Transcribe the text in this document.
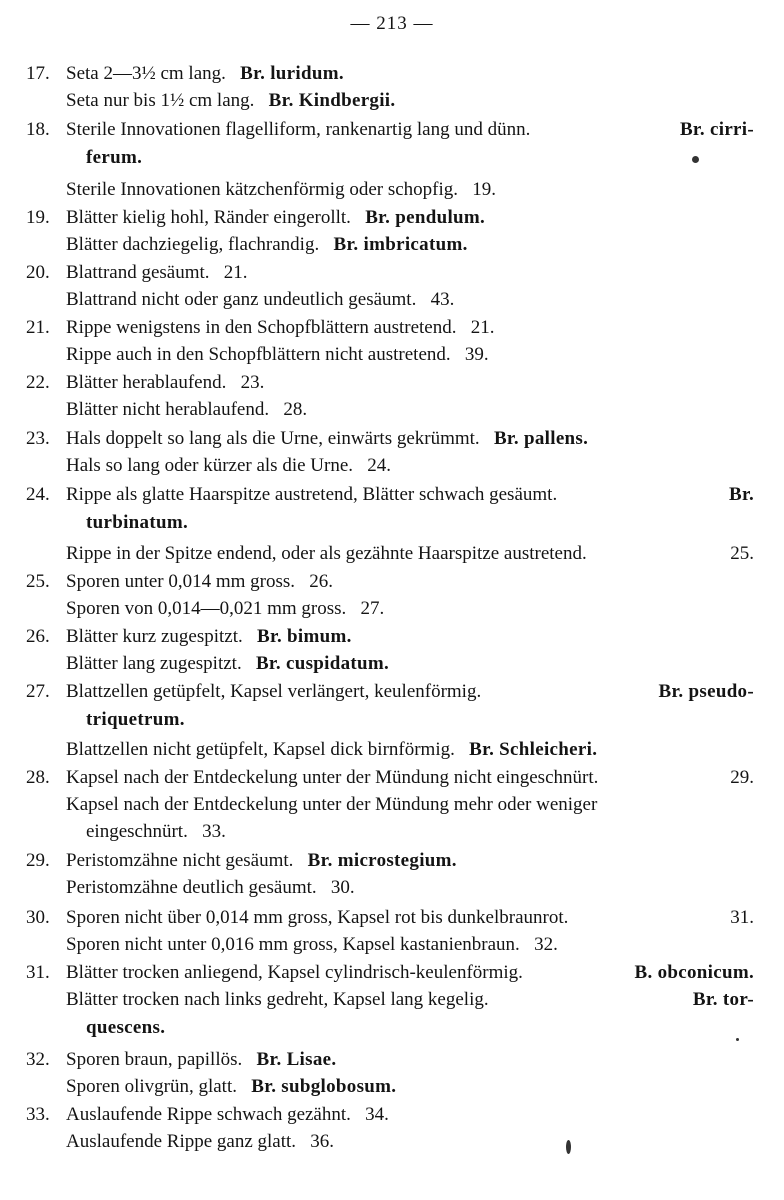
— 213 —
17. Seta 2—3½ cm lang. Br. luridum.
Seta nur bis 1½ cm lang. Br. Kindbergii.
18. Sterile Innovationen flagelliform, rankenartig lang und dünn.	Br. cirri-
ferum.
Sterile Innovationen kätzchenförmig oder schopfig. 19.
19. Blätter kielig hohl, Ränder eingerollt. Br. pendulum.
Blätter dachziegelig, flachrandig. Br. imbricatum.
20. Blattrand gesäumt. 21.
Blattrand nicht oder ganz undeutlich gesäumt. 43.
21. Rippe wenigstens in den Schopfblättern austretend. 21.
Rippe auch in den Schopfblättern nicht austretend. 39.
22. Blätter herablaufend. 23.
Blätter nicht herablaufend. 28.
23. Hals doppelt so lang als die Urne, einwärts gekrümmt. Br. pallens.
Hals so lang oder kürzer als die Urne. 24.
24. Rippe als glatte Haarspitze austretend, Blätter schwach gesäumt.	Br.
turbinatum.
Rippe in der Spitze endend, oder als gezähnte Haarspitze austretend.	25.
25. Sporen unter 0,014 mm gross. 26.
Sporen von 0,014—0,021 mm gross. 27.
26. Blätter kurz zugespitzt. Br. bimum.
Blätter lang zugespitzt. Br. cuspidatum.
27. Blattzellen getüpfelt, Kapsel verlängert, keulenförmig.	Br. pseudo-
triquetrum.
Blattzellen nicht getüpfelt, Kapsel dick birnförmig. Br. Schleicheri.
28. Kapsel nach der Entdeckelung unter der Mündung nicht eingeschnürt.	29.
Kapsel nach der Entdeckelung unter der Mündung mehr oder weniger
eingeschnürt. 33.
29. Peristomzähne nicht gesäumt. Br. microstegium.
Peristomzähne deutlich gesäumt. 30.
30. Sporen nicht über 0,014 mm gross, Kapsel rot bis dunkelbraunrot.	31.
Sporen nicht unter 0,016 mm gross, Kapsel kastanienbraun. 32.
31. Blätter trocken anliegend, Kapsel cylindrisch-keulenförmig.	B. obconicum.
Blätter trocken nach links gedreht, Kapsel lang kegelig.	Br. tor-
quescens.
32. Sporen braun, papillös. Br. Lisae.
Sporen olivgrün, glatt. Br. subglobosum.
33. Auslaufende Rippe schwach gezähnt. 34.
Auslaufende Rippe ganz glatt. 36.
